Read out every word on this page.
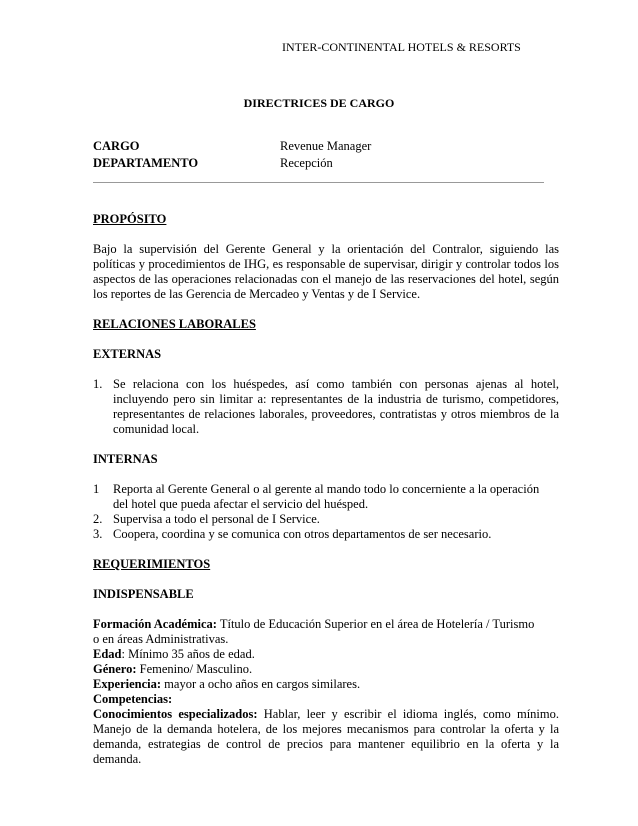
INTER-CONTINENTAL HOTELS & RESORTS
DIRECTRICES DE CARGO
CARGO	Revenue Manager
DEPARTAMENTO	Recepción

PROPÓSITO

Bajo la supervisión del Gerente General y la orientación del Contralor, siguiendo las políticas y procedimientos de IHG, es responsable de supervisar, dirigir y controlar todos los aspectos de las operaciones relacionadas con el manejo de las reservaciones del hotel, según los reportes de las Gerencia de Mercadeo y Ventas y de I Service.

RELACIONES LABORALES

EXTERNAS

1. Se relaciona con los huéspedes, así como también con personas ajenas al hotel, incluyendo pero sin limitar a: representantes de la industria de turismo, competidores, representantes de relaciones laborales, proveedores, contratistas y otros miembros de la comunidad local.

INTERNAS

1	Reporta al Gerente General o al gerente al mando todo lo concerniente a la operación del hotel que pueda afectar el servicio del huésped.
2. Supervisa a todo el personal de I Service.
3. Coopera, coordina y se comunica con otros departamentos de ser necesario.

REQUERIMIENTOS

INDISPENSABLE

Formación Académica: Título de Educación Superior en el área de Hotelería / Turismo

o en áreas Administrativas.

Edad: Mínimo 35 años de edad.

Género: Femenino/ Masculino.

Experiencia: mayor a ocho años en cargos similares.

Competencias:

Conocimientos especializados: Hablar, leer y escribir el idioma inglés, como mínimo. Manejo de la demanda hotelera, de los mejores mecanismos para controlar la oferta y la demanda, estrategias de control de precios para mantener equilibrio en la oferta y la demanda.
